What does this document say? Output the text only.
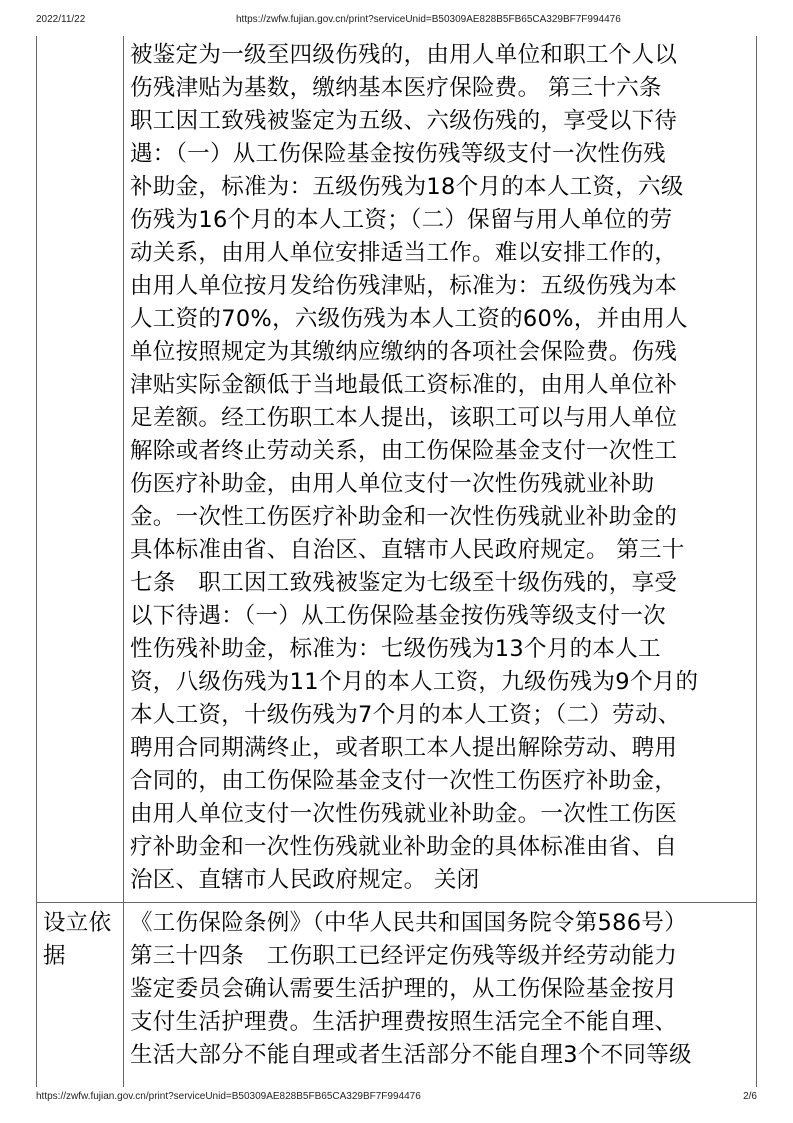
2022/11/22	https://zwfw.fujian.gov.cn/print?serviceUnid=B50309AE828B5FB65CA329BF7F994476
被鉴定为一级至四级伤残的，由用人单位和职工个人以
伤残津贴为基数，缴纳基本医疗保险费。 第三十六条
职工因工致残被鉴定为五级、六级伤残的，享受以下待
遇：（一）从工伤保险基金按伤残等级支付一次性伤残
补助金，标准为：五级伤残为18个月的本人工资，六级
伤残为16个月的本人工资；（二）保留与用人单位的劳
动关系，由用人单位安排适当工作。难以安排工作的，
由用人单位按月发给伤残津贴，标准为：五级伤残为本
人工资的70%，六级伤残为本人工资的60%，并由用人
单位按照规定为其缴纳应缴纳的各项社会保险费。伤残
津贴实际金额低于当地最低工资标准的，由用人单位补
足差额。经工伤职工本人提出，该职工可以与用人单位
解除或者终止劳动关系，由工伤保险基金支付一次性工
伤医疗补助金，由用人单位支付一次性伤残就业补助
金。一次性工伤医疗补助金和一次性伤残就业补助金的
具体标准由省、自治区、直辖市人民政府规定。 第三十
七条　职工因工致残被鉴定为七级至十级伤残的，享受
以下待遇：（一）从工伤保险基金按伤残等级支付一次
性伤残补助金，标准为：七级伤残为13个月的本人工
资，八级伤残为11个月的本人工资，九级伤残为9个月的
本人工资，十级伤残为7个月的本人工资；（二）劳动、
聘用合同期满终止，或者职工本人提出解除劳动、聘用
合同的，由工伤保险基金支付一次性工伤医疗补助金，
由用人单位支付一次性伤残就业补助金。一次性工伤医
疗补助金和一次性伤残就业补助金的具体标准由省、自
治区、直辖市人民政府规定。 关闭
设立依
据
《工伤保险条例》（中华人民共和国国务院令第586号）
第三十四条　工伤职工已经评定伤残等级并经劳动能力
鉴定委员会确认需要生活护理的，从工伤保险基金按月
支付生活护理费。生活护理费按照生活完全不能自理、
生活大部分不能自理或者生活部分不能自理3个不同等级
https://zwfw.fujian.gov.cn/print?serviceUnid=B50309AE828B5FB65CA329BF7F994476	2/6
